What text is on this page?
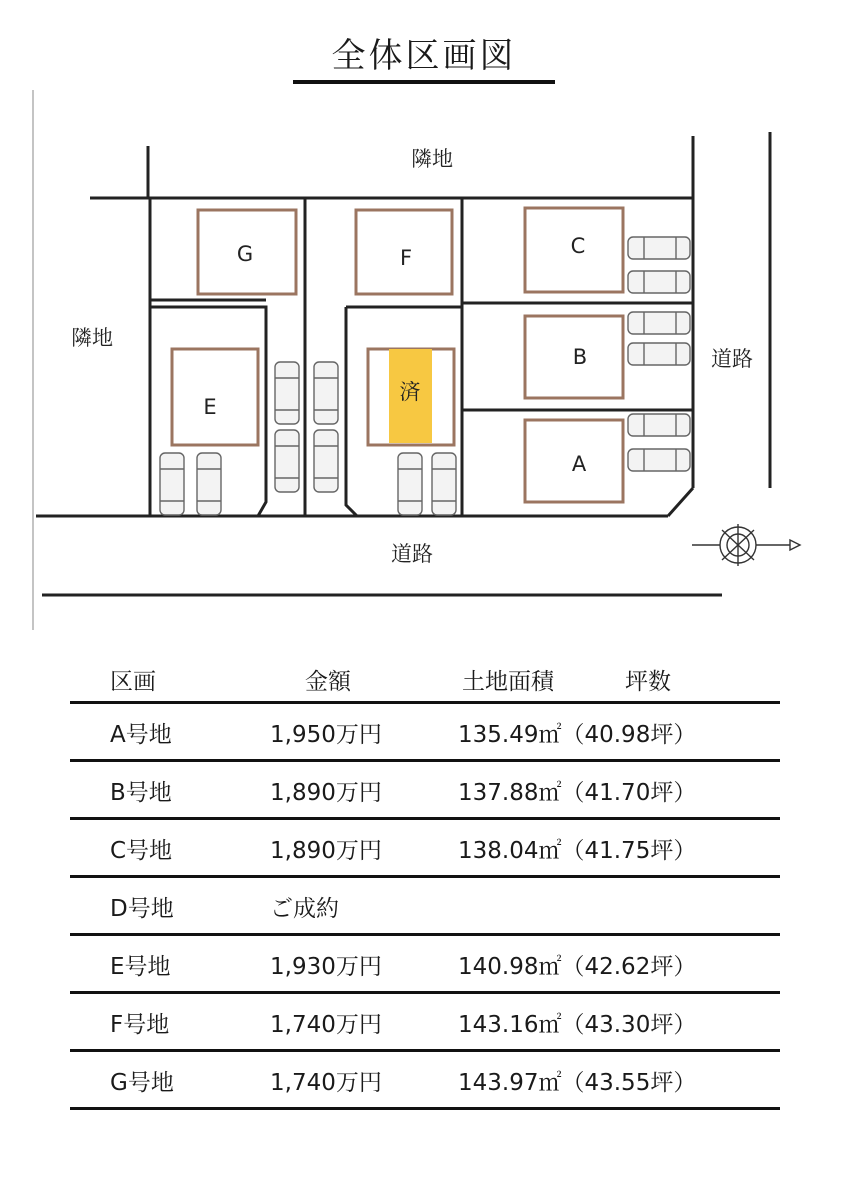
全体区画図
隣地
隣地
道路
道路
G	F	C
B
A
E
済
区画	金額	土地面積	坪数
A号地	1,950万円	135.49㎡（40.98坪）
B号地	1,890万円	137.88㎡（41.70坪）
C号地	1,890万円	138.04㎡（41.75坪）
D号地	ご成約
E号地	1,930万円	140.98㎡（42.62坪）
F号地	1,740万円	143.16㎡（43.30坪）
G号地	1,740万円	143.97㎡（43.55坪）
